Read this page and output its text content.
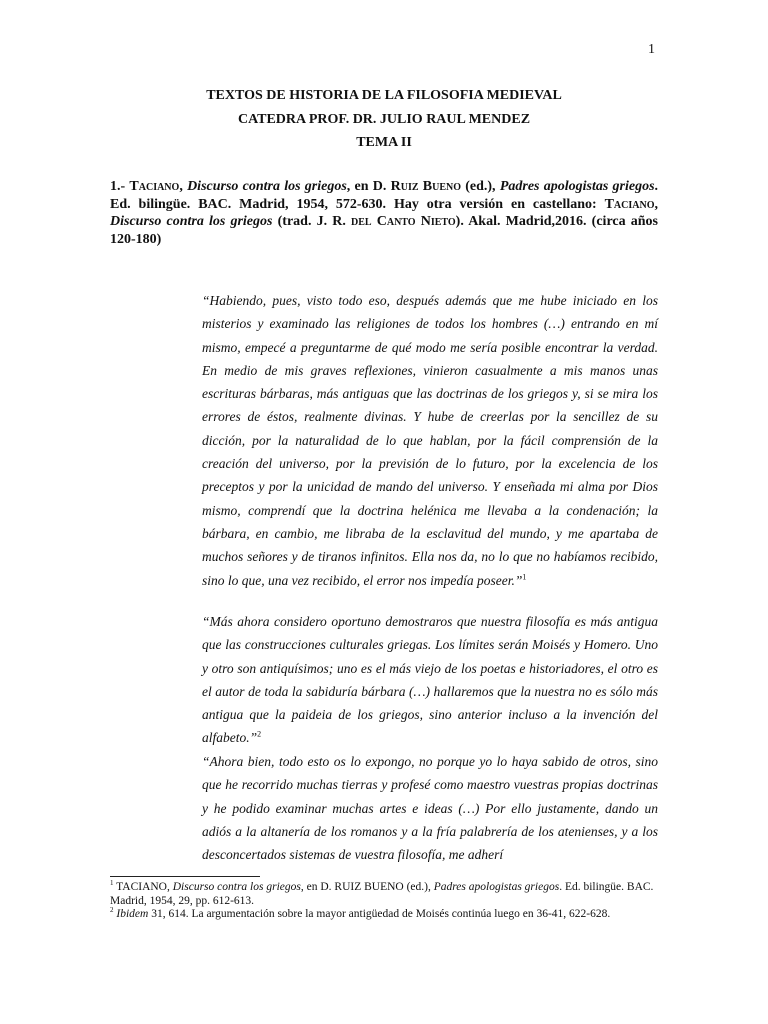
1
TEXTOS DE HISTORIA DE LA FILOSOFIA MEDIEVAL
CATEDRA PROF. DR. JULIO RAUL MENDEZ
TEMA II
1.- Taciano, Discurso contra los griegos, en D. Ruiz Bueno (ed.), Padres apologistas griegos. Ed. bilingüe. BAC. Madrid, 1954, 572-630. Hay otra versión en castellano: Taciano, Discurso contra los griegos (trad. J. R. del Canto Nieto). Akal. Madrid,2016. (circa años 120-180)
“Habiendo, pues, visto todo eso, después además que me hube iniciado en los misterios y examinado las religiones de todos los hombres (…) entrando en mí mismo, empecé a preguntarme de qué modo me sería posible encontrar la verdad. En medio de mis graves reflexiones, vinieron casualmente a mis manos unas escrituras bárbaras, más antiguas que las doctrinas de los griegos y, si se mira los errores de éstos, realmente divinas. Y hube de creerlas por la sencillez de su dicción, por la naturalidad de lo que hablan, por la fácil comprensión de la creación del universo, por la previsión de lo futuro, por la excelencia de los preceptos y por la unicidad de mando del universo. Y enseñada mi alma por Dios mismo, comprendí que la doctrina helénica me llevaba a la condenación; la bárbara, en cambio, me libraba de la esclavitud del mundo, y me apartaba de muchos señores y de tiranos infinitos. Ella nos da, no lo que no habíamos recibido, sino lo que, una vez recibido, el error nos impedía poseer.”$^1$
“Más ahora considero oportuno demostraros que nuestra filosofía es más antigua que las construcciones culturales griegas. Los límites serán Moisés y Homero. Uno y otro son antiquísimos; uno es el más viejo de los poetas e historiadores, el otro es el autor de toda la sabiduría bárbara (…) hallaremos que la nuestra no es sólo más antigua que la paideia de los griegos, sino anterior incluso a la invención del alfabeto.”$^2$
“Ahora bien, todo esto os lo expongo, no porque yo lo haya sabido de otros, sino que he recorrido muchas tierras y profesé como maestro vuestras propias doctrinas y he podido examinar muchas artes e ideas (…) Por ello justamente, dando un adiós a la altanería de los romanos y a la fría palabrería de los atenienses, y a los desconcertados sistemas de vuestra filosofía, me adherí

$^1$ TACIANO, Discurso contra los griegos, en D. RUIZ BUENO (ed.), Padres apologistas griegos. Ed. bilingüe. BAC. Madrid, 1954, 29, pp. 612-613.

$^2$ Ibidem 31, 614. La argumentación sobre la mayor antigüedad de Moisés continúa luego en 36-41, 622-628.
